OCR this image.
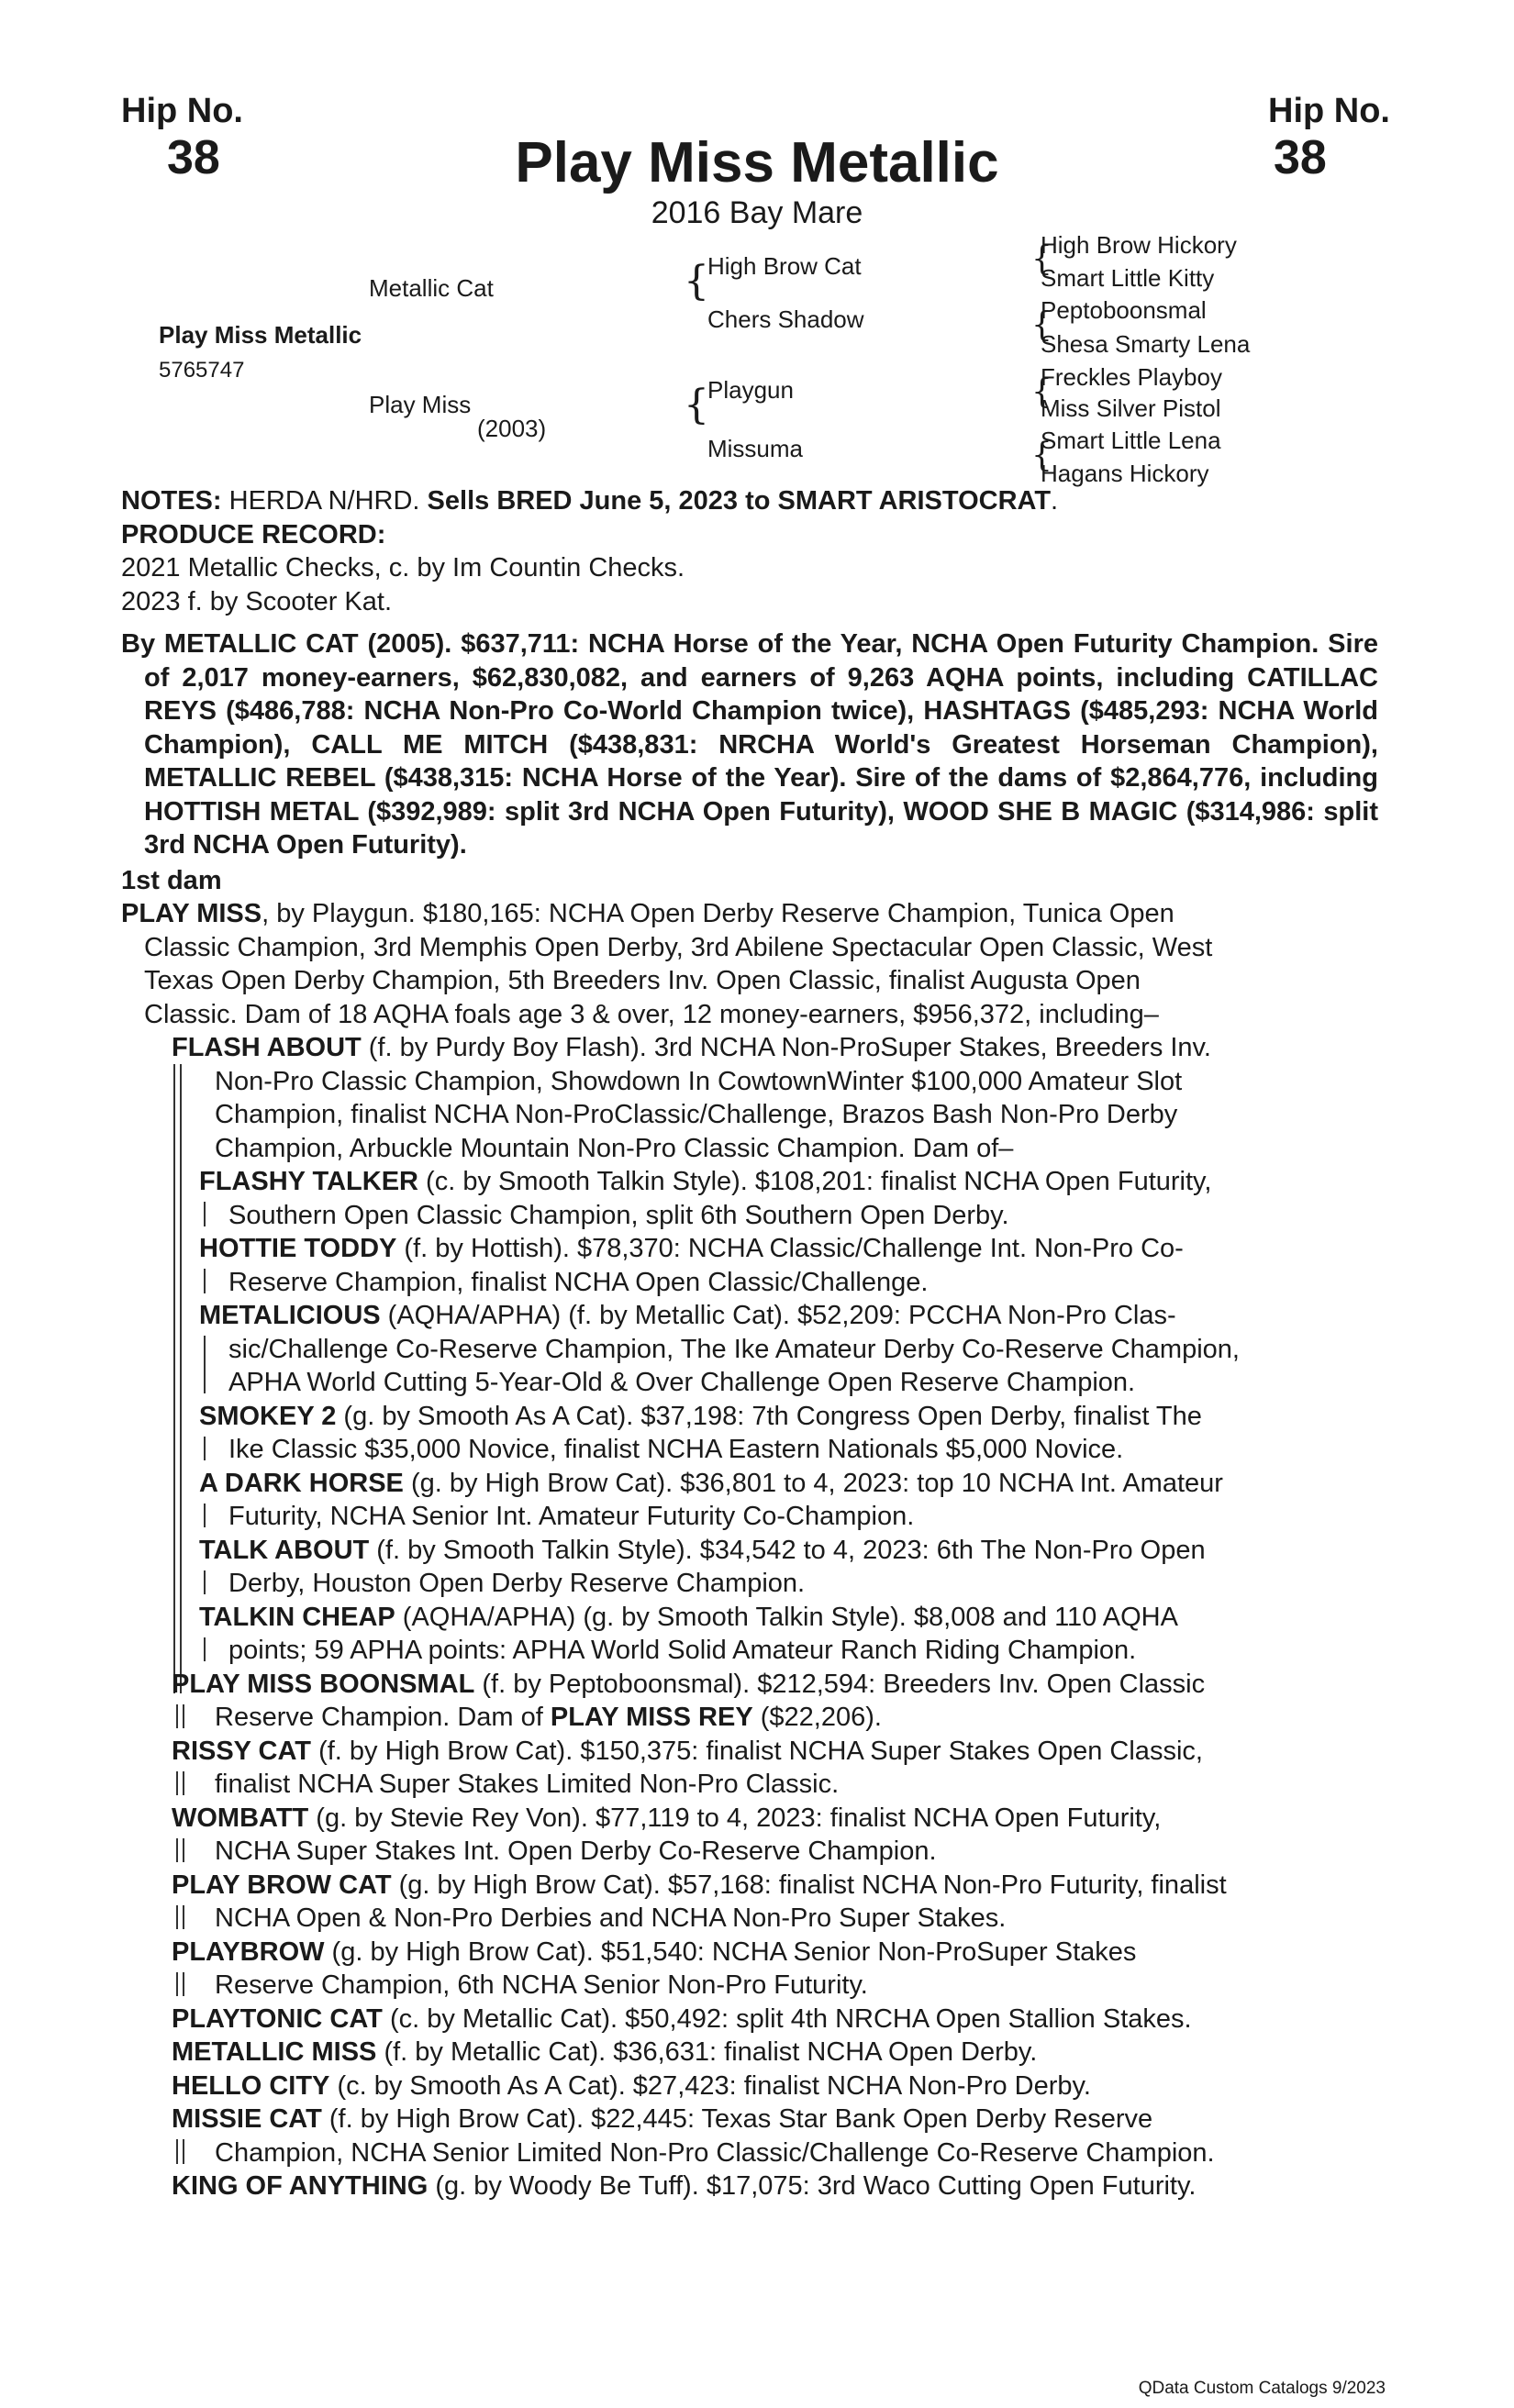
Hip No.
38
Hip No.
38
Play Miss Metallic
2016 Bay Mare
Metallic Cat
Play Miss Metallic
5765747
Play Miss
(2003)
{
High Brow Cat
Chers Shadow
{
Playgun
Missuma
{
High Brow Hickory
Smart Little Kitty
{
Peptoboonsmal
Shesa Smarty Lena
{
Freckles Playboy
Miss Silver Pistol
{
Smart Little Lena
Hagans Hickory
NOTES: HERDA N/HRD. Sells BRED June 5, 2023 to SMART ARISTOCRAT.
PRODUCE RECORD:
2021 Metallic Checks, c. by Im Countin Checks.
2023 f. by Scooter Kat.
By METALLIC CAT (2005). $637,711: NCHA Horse of the Year, NCHA Open Futurity Champion. Sire of 2,017 money-earners, $62,830,082, and earners of 9,263 AQHA points, including CATILLAC REYS ($486,788: NCHA Non-Pro Co-World Champion twice), HASHTAGS ($485,293: NCHA World Champion), CALL ME MITCH ($438,831: NRCHA World's Greatest Horseman Champion), METALLIC REBEL ($438,315: NCHA Horse of the Year). Sire of the dams of $2,864,776, including HOTTISH METAL ($392,989: split 3rd NCHA Open Futurity), WOOD SHE B MAGIC ($314,986: split 3rd NCHA Open Futurity).
1st dam
PLAY MISS, by Playgun. $180,165: NCHA Open Derby Reserve Champion, Tunica Open
Classic Champion, 3rd Memphis Open Derby, 3rd Abilene Spectacular Open Classic, West
Texas Open Derby Champion, 5th Breeders Inv. Open Classic, finalist Augusta Open
Classic. Dam of 18 AQHA foals age 3 & over, 12 money-earners, $956,372, including–
FLASH ABOUT (f. by Purdy Boy Flash). 3rd NCHA Non-ProSuper Stakes, Breeders Inv.
Non-Pro Classic Champion, Showdown In CowtownWinter $100,000 Amateur Slot
Champion, finalist NCHA Non-ProClassic/Challenge, Brazos Bash Non-Pro Derby
Champion, Arbuckle Mountain Non-Pro Classic Champion. Dam of–
FLASHY TALKER (c. by Smooth Talkin Style). $108,201: finalist NCHA Open Futurity,
Southern Open Classic Champion, split 6th Southern Open Derby.
HOTTIE TODDY (f. by Hottish). $78,370: NCHA Classic/Challenge Int. Non-Pro Co-
Reserve Champion, finalist NCHA Open Classic/Challenge.
METALICIOUS (AQHA/APHA) (f. by Metallic Cat). $52,209: PCCHA Non-Pro Clas-
sic/Challenge Co-Reserve Champion, The Ike Amateur Derby Co-Reserve Champion,
APHA World Cutting 5-Year-Old & Over Challenge Open Reserve Champion.
SMOKEY 2 (g. by Smooth As A Cat). $37,198: 7th Congress Open Derby, finalist The
Ike Classic $35,000 Novice, finalist NCHA Eastern Nationals $5,000 Novice.
A DARK HORSE (g. by High Brow Cat). $36,801 to 4, 2023: top 10 NCHA Int. Amateur
Futurity, NCHA Senior Int. Amateur Futurity Co-Champion.
TALK ABOUT (f. by Smooth Talkin Style). $34,542 to 4, 2023: 6th The Non-Pro Open
Derby, Houston Open Derby Reserve Champion.
TALKIN CHEAP (AQHA/APHA) (g. by Smooth Talkin Style). $8,008 and 110 AQHA
points; 59 APHA points: APHA World Solid Amateur Ranch Riding Champion.
PLAY MISS BOONSMAL (f. by Peptoboonsmal). $212,594: Breeders Inv. Open Classic
Reserve Champion. Dam of PLAY MISS REY ($22,206).
RISSY CAT (f. by High Brow Cat). $150,375: finalist NCHA Super Stakes Open Classic,
finalist NCHA Super Stakes Limited Non-Pro Classic.
WOMBATT (g. by Stevie Rey Von). $77,119 to 4, 2023: finalist NCHA Open Futurity,
NCHA Super Stakes Int. Open Derby Co-Reserve Champion.
PLAY BROW CAT (g. by High Brow Cat). $57,168: finalist NCHA Non-Pro Futurity, finalist
NCHA Open & Non-Pro Derbies and NCHA Non-Pro Super Stakes.
PLAYBROW (g. by High Brow Cat). $51,540: NCHA Senior Non-ProSuper Stakes
Reserve Champion, 6th NCHA Senior Non-Pro Futurity.
PLAYTONIC CAT (c. by Metallic Cat). $50,492: split 4th NRCHA Open Stallion Stakes.
METALLIC MISS (f. by Metallic Cat). $36,631: finalist NCHA Open Derby.
HELLO CITY (c. by Smooth As A Cat). $27,423: finalist NCHA Non-Pro Derby.
MISSIE CAT (f. by High Brow Cat). $22,445: Texas Star Bank Open Derby Reserve
Champion, NCHA Senior Limited Non-Pro Classic/Challenge Co-Reserve Champion.
KING OF ANYTHING (g. by Woody Be Tuff). $17,075: 3rd Waco Cutting Open Futurity.
QData Custom Catalogs 9/2023
